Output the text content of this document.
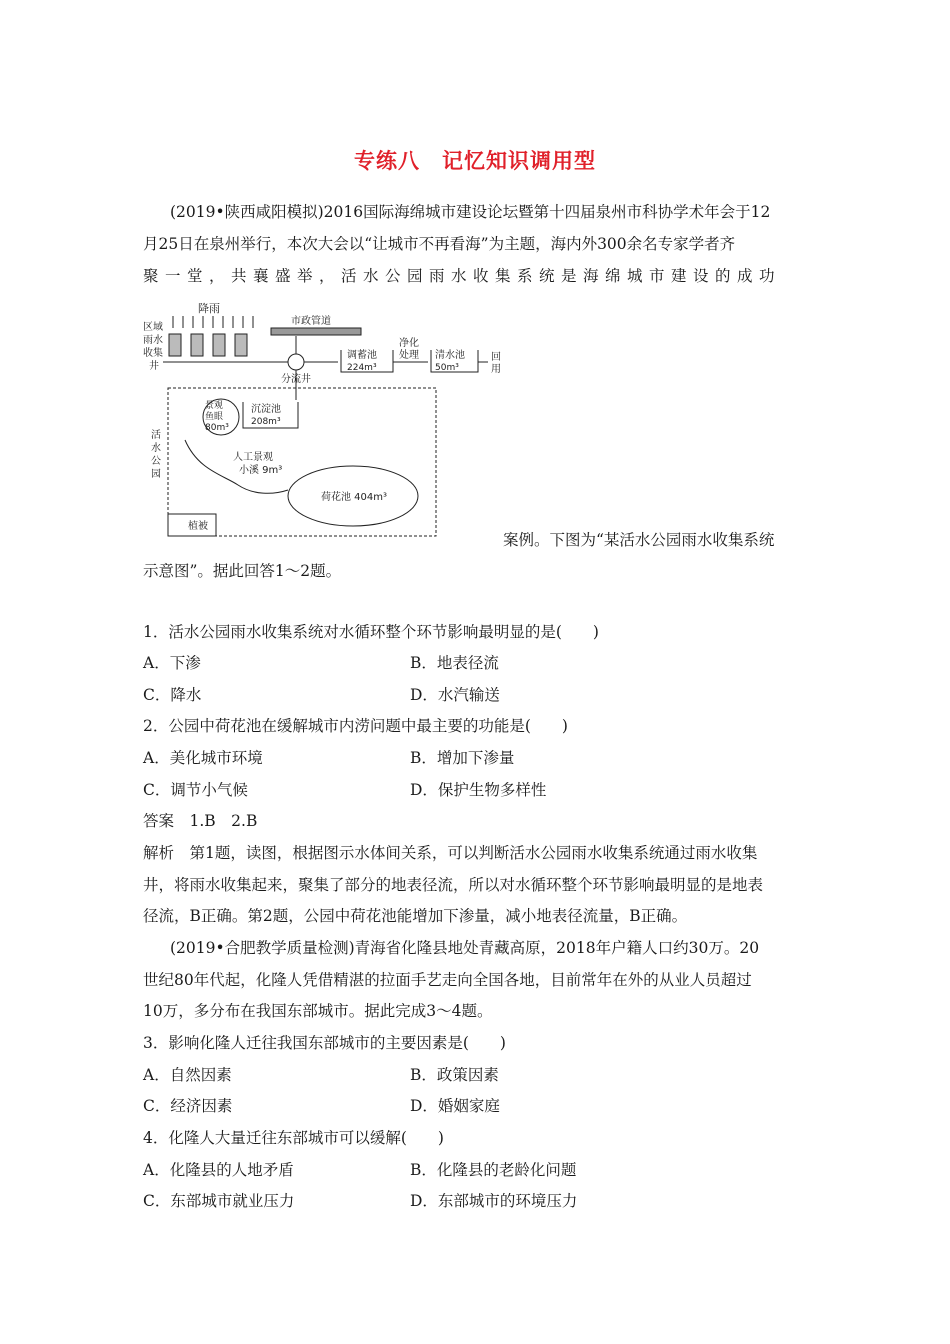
专练八　记忆知识调用型
(2019•陕西咸阳模拟)2016国际海绵城市建设论坛暨第十四届泉州市科协学术年会于12
月25日在泉州举行，本次大会以“让城市不再看海”为主题，海内外300余名专家学者齐
聚一堂，共襄盛举，活水公园雨水收集系统是海绵城市建设的成功
降雨
区域
雨水
收集
井
分流井
市政管道
调蓄池
224m³
净化
处理 清水池
50m³
回
用
活
水
公
园
沉淀池
208m³
景观
鱼眼
80m³
人工景观
小溪 9m³
荷花池 404m³
植被
案例。下图为“某活水公园雨水收集系统
示意图”。据此回答1～2题。
1．活水公园雨水收集系统对水循环整个环节影响最明显的是(　　)
A．下渗	B．地表径流
C．降水	D．水汽输送
2．公园中荷花池在缓解城市内涝问题中最主要的功能是(　　)
A．美化城市环境	B．增加下渗量
C．调节小气候	D．保护生物多样性
答案　1.B　2.B
解析　第1题，读图，根据图示水体间关系，可以判断活水公园雨水收集系统通过雨水收集
井，将雨水收集起来，聚集了部分的地表径流，所以对水循环整个环节影响最明显的是地表
径流，B正确。第2题，公园中荷花池能增加下渗量，减小地表径流量，B正确。
(2019•合肥教学质量检测)青海省化隆县地处青藏高原，2018年户籍人口约30万。20
世纪80年代起，化隆人凭借精湛的拉面手艺走向全国各地，目前常年在外的从业人员超过
10万，多分布在我国东部城市。据此完成3～4题。
3．影响化隆人迁往我国东部城市的主要因素是(　　)
A．自然因素	B．政策因素
C．经济因素	D．婚姻家庭
4．化隆人大量迁往东部城市可以缓解(　　)
A．化隆县的人地矛盾	B．化隆县的老龄化问题
C．东部城市就业压力	D．东部城市的环境压力
